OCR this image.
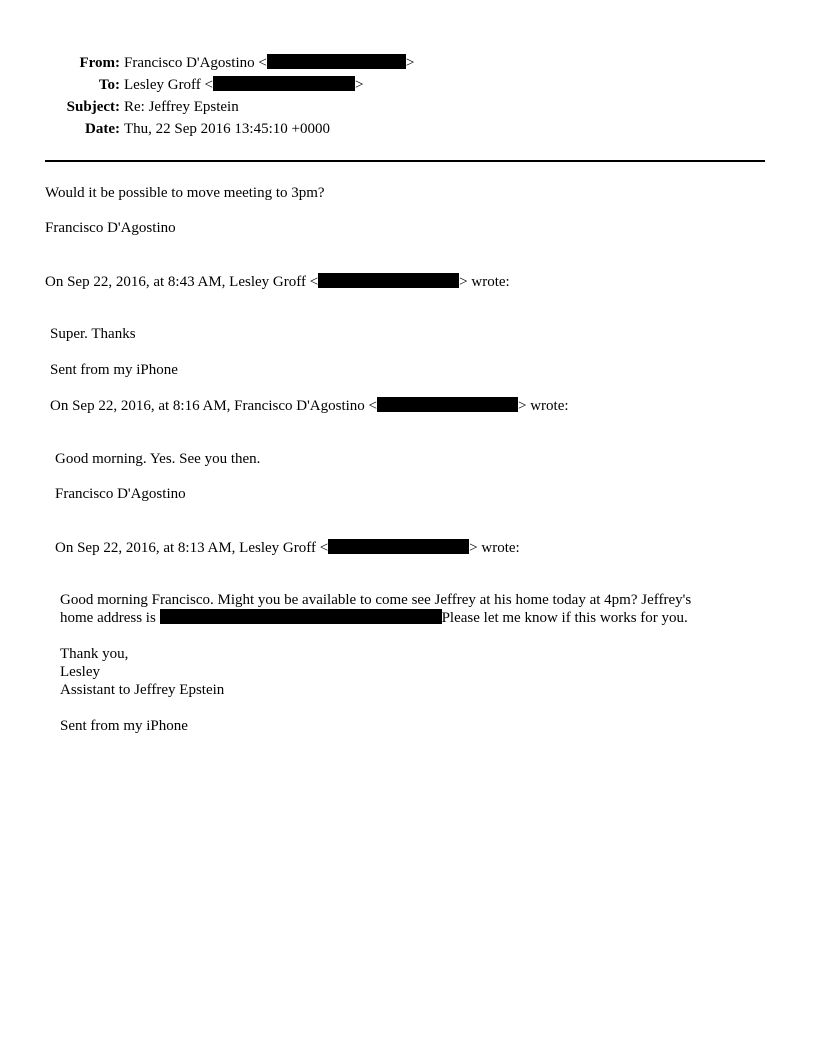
From: Francisco D'Agostino <	>
To: Lesley Groff <	>
Subject: Re: Jeffrey Epstein
Date: Thu, 22 Sep 2016 13:45:10 +0000
Would it be possible to move meeting to 3pm?
Francisco D'Agostino
On Sep 22, 2016, at 8:43 AM, Lesley Groff <	> wrote:
Super. Thanks
Sent from my iPhone
On Sep 22, 2016, at 8:16 AM, Francisco D'Agostino <	> wrote:
Good morning. Yes. See you then.
Francisco D'Agostino
On Sep 22, 2016, at 8:13 AM, Lesley Groff <	> wrote:
Good morning Francisco. Might you be available to come see Jeffrey at his home today at 4pm? Jeffrey's
home address is	Please let me know if this works for you.
Thank you,
Lesley
Assistant to Jeffrey Epstein
Sent from my iPhone
